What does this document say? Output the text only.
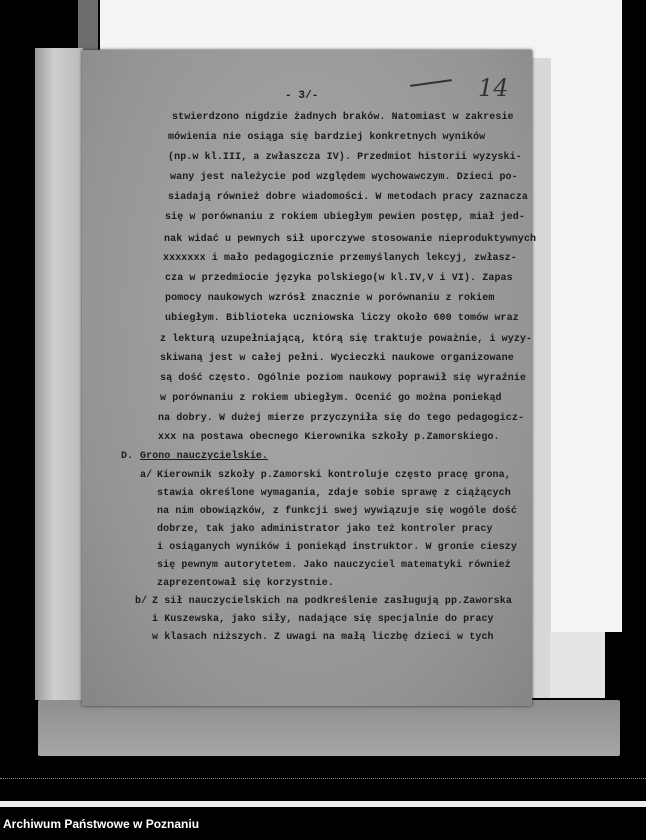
- 3/-	14
stwierdzono nigdzie żadnych braków. Natomiast w zakresie
mówienia nie osiąga się bardziej konkretnych wyników
(np.w kl.III, a zwłaszcza IV). Przedmiot historii wyzyski-
wany jest należycie pod względem wychowawczym. Dzieci po-
siadają również dobre wiadomości. W metodach pracy zaznacza
się w porównaniu z rokiem ubiegłym pewien postęp, miał jed-
nak widać u pewnych sił uporczywe stosowanie nieproduktywnych
xxxxxxx i mało pedagogicznie przemyślanych lekcyj, zwłasz-
cza w przedmiocie języka polskiego(w kl.IV,V i VI). Zapas
pomocy naukowych wzrósł znacznie w porównaniu z rokiem
ubiegłym. Biblioteka uczniowska liczy około 600 tomów wraz
z lekturą uzupełniającą, którą się traktuje poważnie, i wyzy-
skiwaną jest w całej pełni. Wycieczki naukowe organizowane
są dość często. Ogólnie poziom naukowy poprawił się wyraźnie
w porównaniu z rokiem ubiegłym. Ocenić go można poniekąd
na dobry. W dużej mierze przyczyniła się do tego pedagogicz-
xxx na postawa obecnego Kierownika szkoły p.Zamorskiego.
D. Grono nauczycielskie.
a/ Kierownik szkoły p.Zamorski kontroluje często pracę grona,
stawia określone wymagania, zdaje sobie sprawę z ciążących
na nim obowiązków, z funkcji swej wywiązuje się wogóle dość
dobrze, tak jako administrator jako też kontroler pracy
i osiąganych wyników i poniekąd instruktor. W gronie cieszy
się pewnym autorytetem. Jako nauczyciel matematyki również
zaprezentował się korzystnie.
b/ Z sił nauczycielskich na podkreślenie zasługują pp.Zaworska
i Kuszewska, jako siły, nadające się specjalnie do pracy
w klasach niższych. Z uwagi na małą liczbę dzieci w tych
Archiwum Państwowe w Poznaniu
